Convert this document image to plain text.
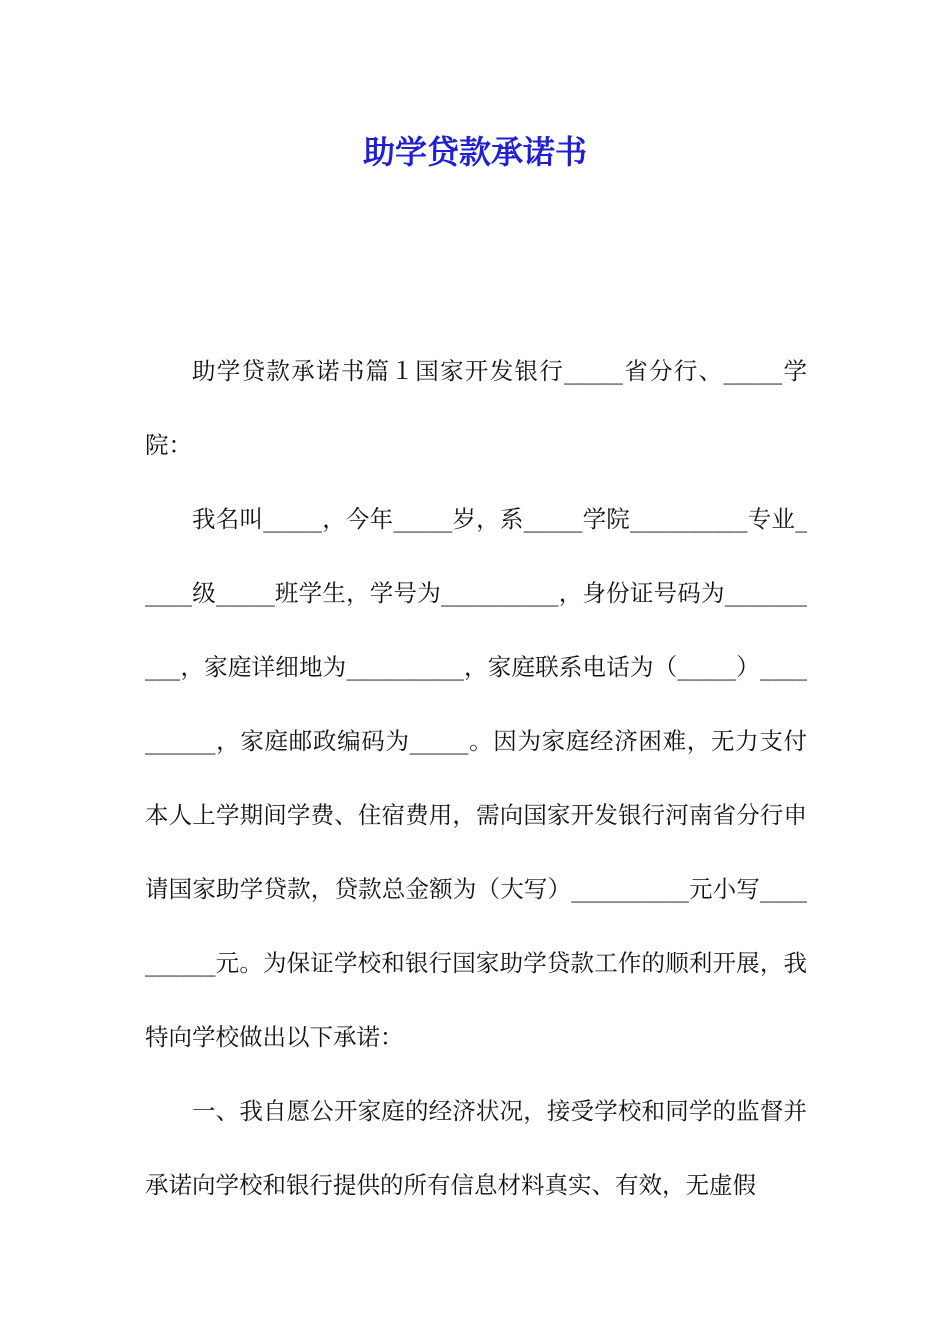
助学贷款承诺书

助学贷款承诺书篇１国家开发银行_____省分行、_____学院：

我名叫_____，今年_____岁，系_____学院__________专业_____级_____班学生，学号为__________，身份证号码为__________，家庭详细地为__________，家庭联系电话为（_____）__________，家庭邮政编码为_____。因为家庭经济困难，无力支付本人上学期间学费、住宿费用，需向国家开发银行河南省分行申请国家助学贷款，贷款总金额为（大写）__________元小写__________元。为保证学校和银行国家助学贷款工作的顺利开展，我特向学校做出以下承诺：

一、我自愿公开家庭的经济状况，接受学校和同学的监督并承诺向学校和银行提供的所有信息材料真实、有效，无虚假
